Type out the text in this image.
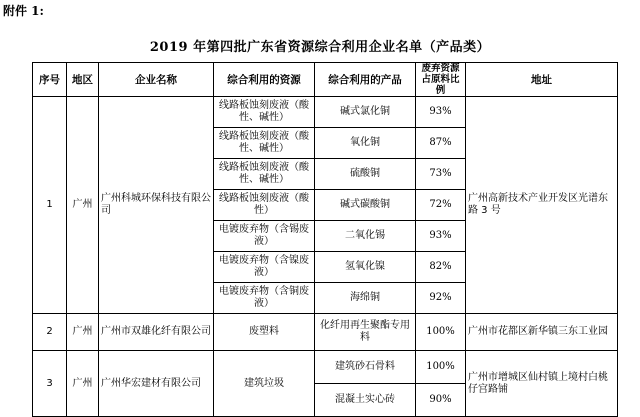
附件 1:
2019 年第四批广东省资源综合利用企业名单（产品类）
序号	地区	企业名称	综合利用的资源	综合利用的产品	废弃资源占原料比例	地址
1	广州	广州科城环保科技有限公司	线路板蚀刻废液（酸性、碱性）	碱式氯化铜	93%	广州高新技术产业开发区光谱东路 3 号
			线路板蚀刻废液（酸性、碱性）	氧化铜	87%	
			线路板蚀刻废液（酸性、碱性）	硫酸铜	73%	
			线路板蚀刻废液（酸性）	碱式碳酸铜	72%	
			电镀废弃物（含锡废液）	二氧化锡	93%	
			电镀废弃物（含镍废液）	氢氧化镍	82%	
			电镀废弃物（含铜废液）	海绵铜	92%	
2	广州	广州市双雄化纤有限公司	废塑料	化纤用再生聚酯专用料	100%	广州市花都区新华镇三东工业园
3	广州	广州华宏建材有限公司	建筑垃圾	建筑砂石骨料	100%	广州市增城区仙村镇上境村白桃仔宫路铺
				混凝土实心砖	90%	
